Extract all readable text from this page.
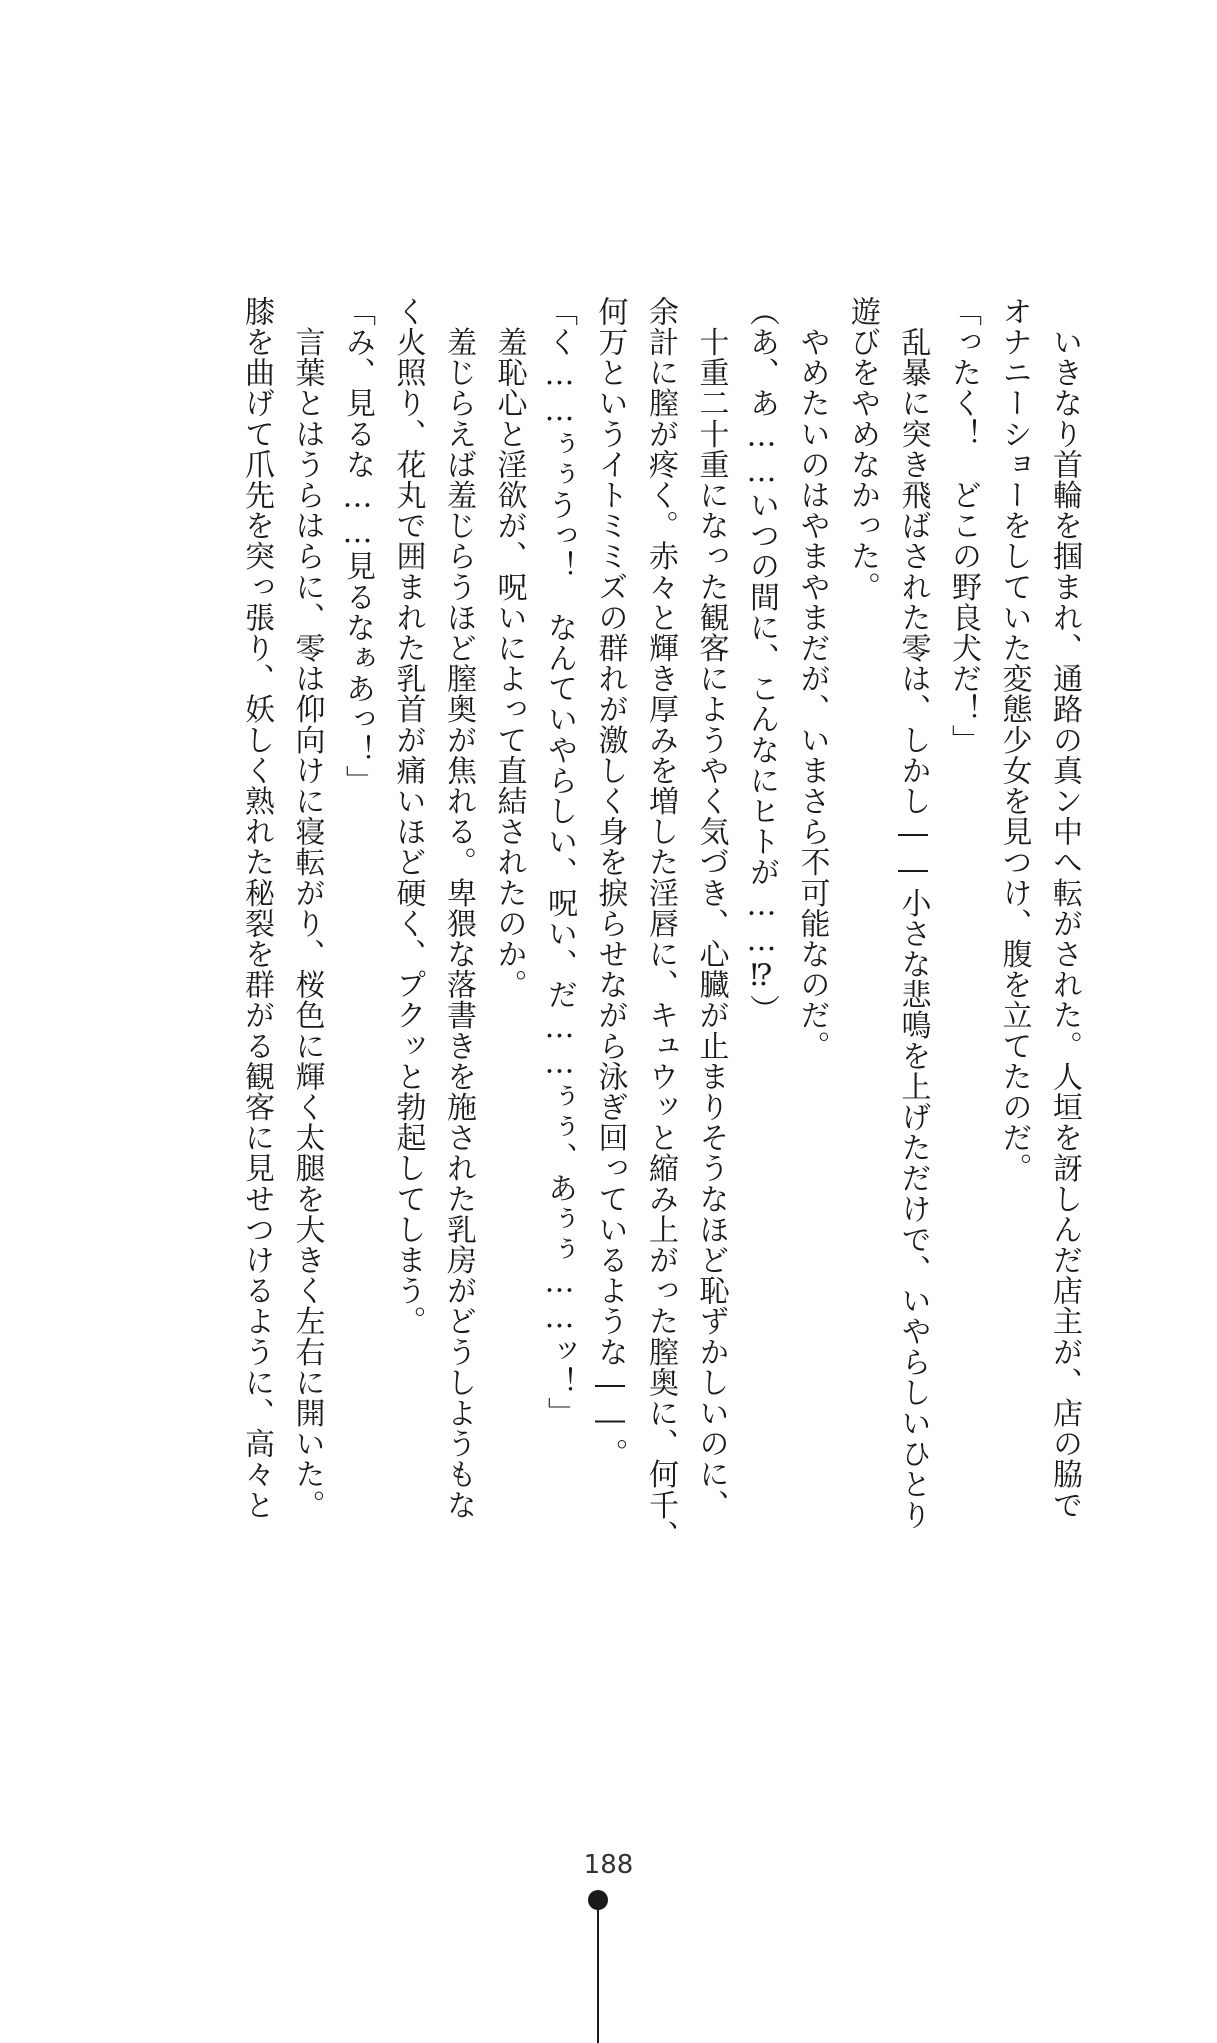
　いきなり首輪を掴まれ、通路の真ン中へ転がされた。人垣を訝しんだ店主が、店の脇で
オナニーショーをしていた変態少女を見つけ、腹を立てたのだ。
「ったく！　どこの野良犬だ！」
　乱暴に突き飛ばされた零は、しかし――小さな悲鳴を上げただけで、いやらしいひとり
遊びをやめなかった。
　やめたいのはやまやまだが、いまさら不可能なのだ。
（あ、あ……いつの間に、こんなにヒトが……⁉）
　十重二十重になった観客にようやく気づき、心臓が止まりそうなほど恥ずかしいのに、
余計に膣が疼く。赤々と輝き厚みを増した淫唇に、キュウッと縮み上がった膣奥に、何千、
何万というイトミミズの群れが激しく身を捩らせながら泳ぎ回っているような――。
「く……ぅぅうっ！　なんていやらしい、呪い、だ……ぅぅ、あぅぅ……ッ！」
　羞恥心と淫欲が、呪いによって直結されたのか。
　羞じらえば羞じらうほど膣奥が焦れる。卑猥な落書きを施された乳房がどうしようもな
く火照り、花丸で囲まれた乳首が痛いほど硬く、プクッと勃起してしまう。
「み、見るな……見るなぁあっ！」
　言葉とはうらはらに、零は仰向けに寝転がり、桜色に輝く太腿を大きく左右に開いた。
膝を曲げて爪先を突っ張り、妖しく熟れた秘裂を群がる観客に見せつけるように、高々と
188
